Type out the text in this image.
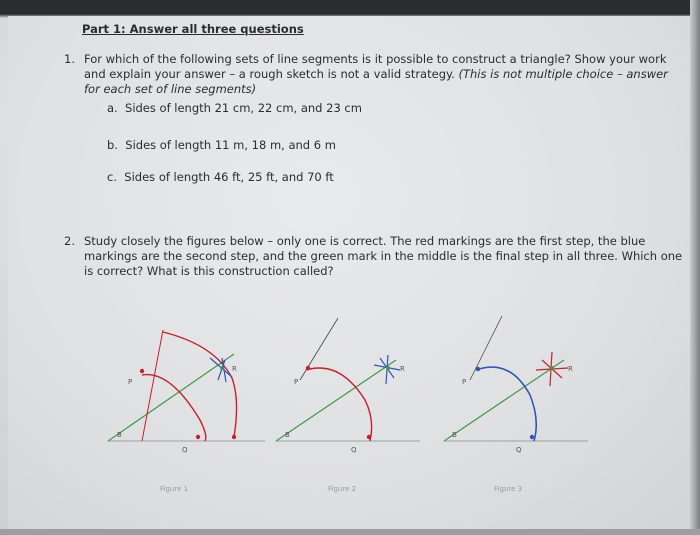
Part 1: Answer all three questions
1. For which of the following sets of line segments is it possible to construct a triangle? Show your work
and explain your answer – a rough sketch is not a valid strategy. (This is not multiple choice – answer
for each set of line segments)
a. Sides of length 21 cm, 22 cm, and 23 cm
b. Sides of length 11 m, 18 m, and 6 m
c. Sides of length 46 ft, 25 ft, and 70 ft
2. Study closely the figures below – only one is correct. The red markings are the first step, the blue
markings are the second step, and the green mark in the middle is the final step in all three. Which one
is correct? What is this construction called?
P
B
Q
R
Figure 1
P
B
Q
R
Figure 2
P
B
Q
R
Figure 3
